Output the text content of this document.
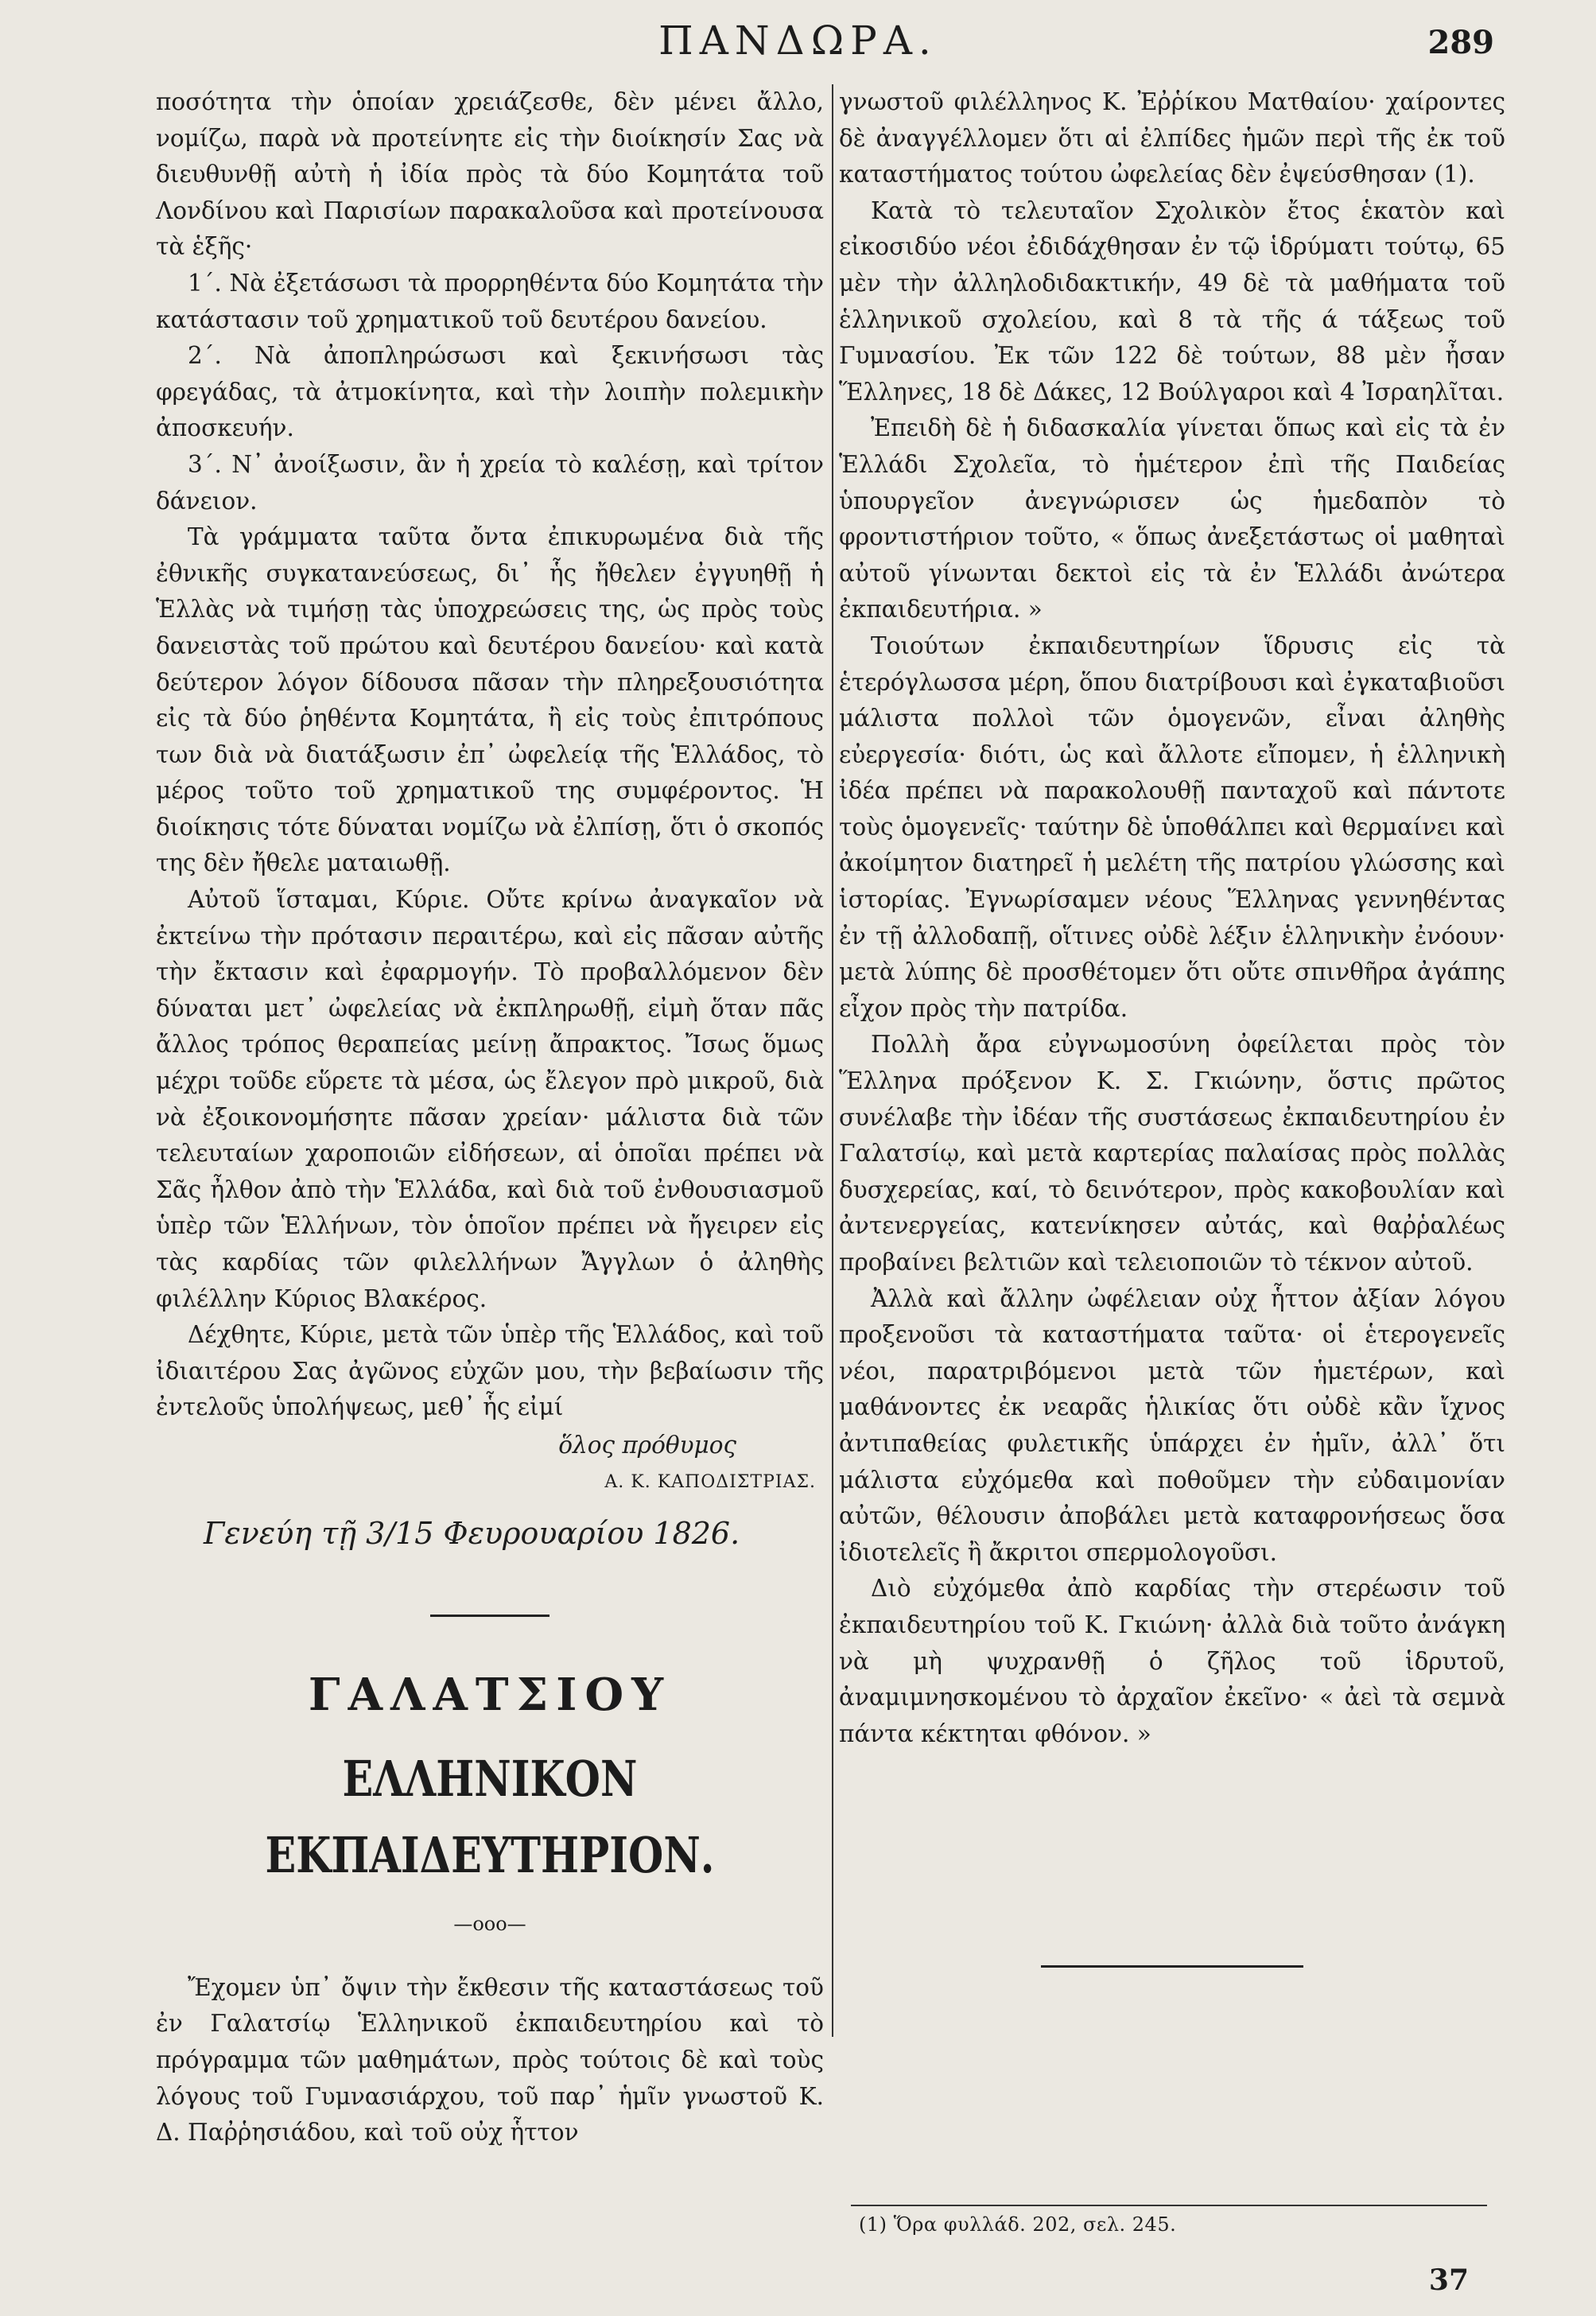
ΠΑΝΔΩΡΑ.	289

ποσότητα τὴν ὁποίαν χρειάζεσθε, δὲν μένει ἄλλο, νομίζω, παρὰ νὰ προτείνητε εἰς τὴν διοίκησίν Σας νὰ διευθυνθῇ αὐτὴ ἡ ἰδία πρὸς τὰ δύο Κομητάτα τοῦ Λονδίνου καὶ Παρισίων παρακαλοῦσα καὶ προτείνουσα τὰ ἑξῆς·

1΄. Νὰ ἐξετάσωσι τὰ προρρηθέντα δύο Κομητάτα τὴν κατάστασιν τοῦ χρηματικοῦ τοῦ δευτέρου δανείου.

2΄. Νὰ ἀποπληρώσωσι καὶ ξεκινήσωσι τὰς φρεγάδας, τὰ ἀτμοκίνητα, καὶ τὴν λοιπὴν πολεμικὴν ἀποσκευήν.

3΄. Ν᾽ ἀνοίξωσιν, ἂν ἡ χρεία τὸ καλέσῃ, καὶ τρίτον δάνειον.

Τὰ γράμματα ταῦτα ὄντα ἐπικυρωμένα διὰ τῆς ἐθνικῆς συγκατανεύσεως, δι᾽ ἧς ἤθελεν ἐγγυηθῇ ἡ Ἑλλὰς νὰ τιμήσῃ τὰς ὑποχρεώσεις της, ὡς πρὸς τοὺς δανειστὰς τοῦ πρώτου καὶ δευτέρου δανείου· καὶ κατὰ δεύτερον λόγον δίδουσα πᾶσαν τὴν πληρεξουσιότητα εἰς τὰ δύο ῥηθέντα Κομητάτα, ἢ εἰς τοὺς ἐπιτρόπους των διὰ νὰ διατάξωσιν ἐπ᾽ ὠφελείᾳ τῆς Ἑλλάδος, τὸ μέρος τοῦτο τοῦ χρηματικοῦ της συμφέροντος. Ἡ διοίκησις τότε δύναται νομίζω νὰ ἐλπίσῃ, ὅτι ὁ σκοπός της δὲν ἤθελε ματαιωθῇ.

Αὐτοῦ ἵσταμαι, Κύριε. Οὔτε κρίνω ἀναγκαῖον νὰ ἐκτείνω τὴν πρότασιν περαιτέρω, καὶ εἰς πᾶσαν αὐτῆς τὴν ἔκτασιν καὶ ἐφαρμογήν. Τὸ προβαλλόμενον δὲν δύναται μετ᾽ ὠφελείας νὰ ἐκπληρωθῇ, εἰμὴ ὅταν πᾶς ἄλλος τρόπος θεραπείας μείνῃ ἄπρακτος. Ἴσως ὅμως μέχρι τοῦδε εὕρετε τὰ μέσα, ὡς ἔλεγον πρὸ μικροῦ, διὰ νὰ ἐξοικονομήσητε πᾶσαν χρείαν· μάλιστα διὰ τῶν τελευταίων χαροποιῶν εἰδήσεων, αἱ ὁποῖαι πρέπει νὰ Σᾶς ἦλθον ἀπὸ τὴν Ἑλλάδα, καὶ διὰ τοῦ ἐνθουσιασμοῦ ὑπὲρ τῶν Ἑλλήνων, τὸν ὁποῖον πρέπει νὰ ἤγειρεν εἰς τὰς καρδίας τῶν φιλελλήνων Ἄγγλων ὁ ἀληθὴς φιλέλλην Κύριος Βλακέρος.

Δέχθητε, Κύριε, μετὰ τῶν ὑπὲρ τῆς Ἑλλάδος, καὶ τοῦ ἰδιαιτέρου Σας ἀγῶνος εὐχῶν μου, τὴν βεβαίωσιν τῆς ἐντελοῦς ὑπολήψεως, μεθ᾽ ἧς εἰμί

ὅλος πρόθυμος
Α. Κ. ΚΑΠΟΔΙΣΤΡΙΑΣ.
Γενεύη τῇ 3/15 Φευρουαρίου 1826.
ΓΑΛΑΤΣΙΟΥ
ΕΛΛΗΝΙΚΟΝ ΕΚΠΑΙΔΕΥΤΗΡΙΟΝ.
—ooo—

Ἔχομεν ὑπ᾽ ὄψιν τὴν ἔκθεσιν τῆς καταστάσεως τοῦ ἐν Γαλατσίῳ Ἑλληνικοῦ ἐκπαιδευτηρίου καὶ τὸ πρόγραμμα τῶν μαθημάτων, πρὸς τούτοις δὲ καὶ τοὺς λόγους τοῦ Γυμνασιάρχου, τοῦ παρ᾽ ἡμῖν γνωστοῦ Κ. Δ. Παῤῥησιάδου, καὶ τοῦ οὐχ ἧττον

γνωστοῦ φιλέλληνος Κ. Ἐῤῥίκου Ματθαίου· χαίροντες δὲ ἀναγγέλλομεν ὅτι αἱ ἐλπίδες ἡμῶν περὶ τῆς ἐκ τοῦ καταστήματος τούτου ὠφελείας δὲν ἐψεύσθησαν (1).

Κατὰ τὸ τελευταῖον Σχολικὸν ἔτος ἑκατὸν καὶ εἰκοσιδύο νέοι ἐδιδάχθησαν ἐν τῷ ἱδρύματι τούτῳ, 65 μὲν τὴν ἀλληλοδιδακτικήν, 49 δὲ τὰ μαθήματα τοῦ ἑλληνικοῦ σχολείου, καὶ 8 τὰ τῆς ά τάξεως τοῦ Γυμνασίου. Ἐκ τῶν 122 δὲ τούτων, 88 μὲν ἦσαν Ἕλληνες, 18 δὲ Δάκες, 12 Βούλγαροι καὶ 4 Ἰσραηλῖται.

Ἐπειδὴ δὲ ἡ διδασκαλία γίνεται ὅπως καὶ εἰς τὰ ἐν Ἑλλάδι Σχολεῖα, τὸ ἡμέτερον ἐπὶ τῆς Παιδείας ὑπουργεῖον ἀνεγνώρισεν ὡς ἡμεδαπὸν τὸ φροντιστήριον τοῦτο, « ὅπως ἀνεξετάστως οἱ μαθηταὶ αὐτοῦ γίνωνται δεκτοὶ εἰς τὰ ἐν Ἑλλάδι ἀνώτερα ἐκπαιδευτήρια. »

Τοιούτων ἐκπαιδευτηρίων ἵδρυσις εἰς τὰ ἑτερόγλωσσα μέρη, ὅπου διατρίβουσι καὶ ἐγκαταβιοῦσι μάλιστα πολλοὶ τῶν ὁμογενῶν, εἶναι ἀληθὴς εὐεργεσία· διότι, ὡς καὶ ἄλλοτε εἴπομεν, ἡ ἑλληνικὴ ἰδέα πρέπει νὰ παρακολουθῇ πανταχοῦ καὶ πάντοτε τοὺς ὁμογενεῖς· ταύτην δὲ ὑποθάλπει καὶ θερμαίνει καὶ ἀκοίμητον διατηρεῖ ἡ μελέτη τῆς πατρίου γλώσσης καὶ ἱστορίας. Ἐγνωρίσαμεν νέους Ἕλληνας γεννηθέντας ἐν τῇ ἀλλοδαπῇ, οἵτινες οὐδὲ λέξιν ἑλληνικὴν ἐνόουν· μετὰ λύπης δὲ προσθέτομεν ὅτι οὔτε σπινθῆρα ἀγάπης εἶχον πρὸς τὴν πατρίδα.

Πολλὴ ἄρα εὐγνωμοσύνη ὀφείλεται πρὸς τὸν Ἕλληνα πρόξενον Κ. Σ. Γκιώνην, ὅστις πρῶτος συνέλαβε τὴν ἰδέαν τῆς συστάσεως ἐκπαιδευτηρίου ἐν Γαλατσίῳ, καὶ μετὰ καρτερίας παλαίσας πρὸς πολλὰς δυσχερείας, καί, τὸ δεινότερον, πρὸς κακοβουλίαν καὶ ἀντενεργείας, κατενίκησεν αὐτάς, καὶ θαῤῥαλέως προβαίνει βελτιῶν καὶ τελειοποιῶν τὸ τέκνον αὐτοῦ.

Ἀλλὰ καὶ ἄλλην ὠφέλειαν οὐχ ἧττον ἀξίαν λόγου προξενοῦσι τὰ καταστήματα ταῦτα· οἱ ἑτερογενεῖς νέοι, παρατριβόμενοι μετὰ τῶν ἡμετέρων, καὶ μαθάνοντες ἐκ νεαρᾶς ἡλικίας ὅτι οὐδὲ κἂν ἴχνος ἀντιπαθείας φυλετικῆς ὑπάρχει ἐν ἡμῖν, ἀλλ᾽ ὅτι μάλιστα εὐχόμεθα καὶ ποθοῦμεν τὴν εὐδαιμονίαν αὐτῶν, θέλουσιν ἀποβάλει μετὰ καταφρονήσεως ὅσα ἰδιοτελεῖς ἢ ἄκριτοι σπερμολογοῦσι.

Διὸ εὐχόμεθα ἀπὸ καρδίας τὴν στερέωσιν τοῦ ἐκπαιδευτηρίου τοῦ Κ. Γκιώνη· ἀλλὰ διὰ τοῦτο ἀνάγκη νὰ μὴ ψυχρανθῇ ὁ ζῆλος τοῦ ἱδρυτοῦ, ἀναμιμνησκομένου τὸ ἀρχαῖον ἐκεῖνο· « ἀεὶ τὰ σεμνὰ πάντα κέκτηται φθόνον. »

(1) Ὅρα φυλλάδ. 202, σελ. 245.
37
